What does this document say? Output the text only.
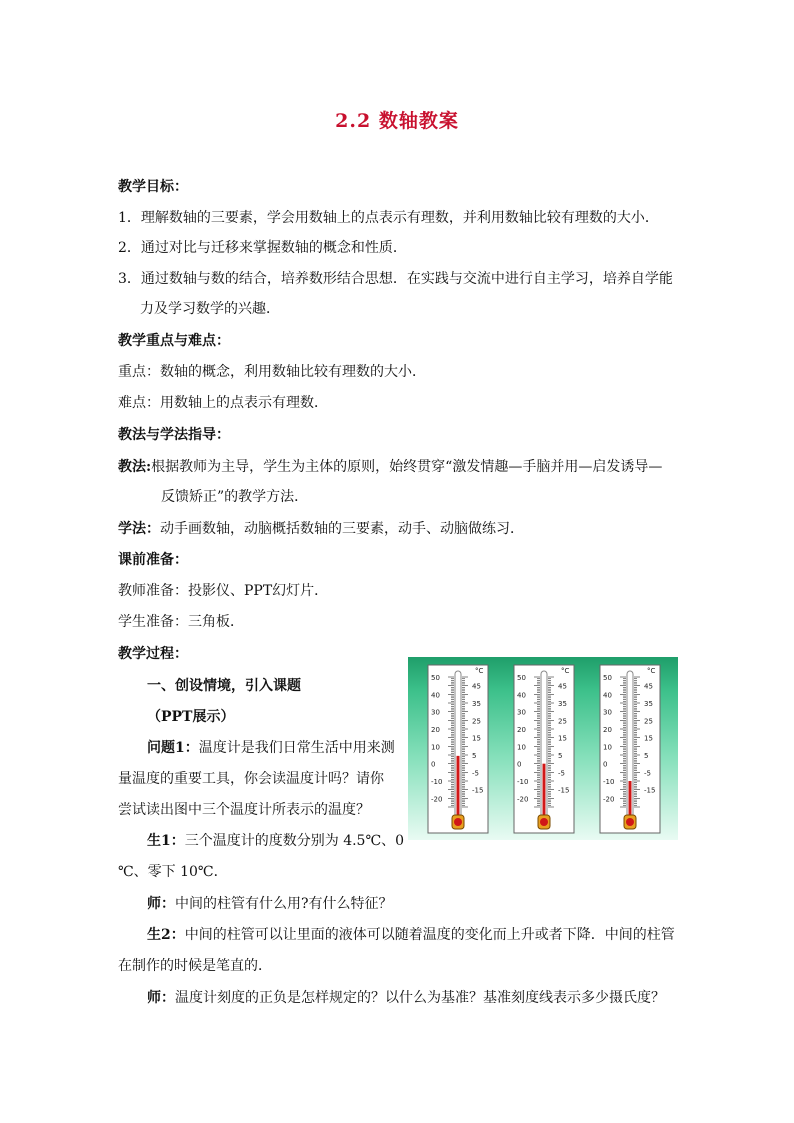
2.2 数轴教案
教学目标：
1．理解数轴的三要素，学会用数轴上的点表示有理数，并利用数轴比较有理数的大小．
2．通过对比与迁移来掌握数轴的概念和性质．
3．通过数轴与数的结合，培养数形结合思想．在实践与交流中进行自主学习，培养自学能
力及学习数学的兴趣．
教学重点与难点：
重点：数轴的概念，利用数轴比较有理数的大小．
难点：用数轴上的点表示有理数．
教法与学法指导：
教法:根据教师为主导，学生为主体的原则，始终贯穿“激发情趣—手脑并用—启发诱导—
反馈矫正”的教学方法．
学法：动手画数轴，动脑概括数轴的三要素，动手、动脑做练习．
课前准备：
教师准备：投影仪、PPT幻灯片．
学生准备：三角板．
教学过程：
一、创设情境，引入课题
（PPT展示）
问题1：温度计是我们日常生活中用来测
量温度的重要工具，你会读温度计吗？请你
尝试读出图中三个温度计所表示的温度？
生1：三个温度计的度数分别为 4.5℃、0
℃、零下 10℃．
师：中间的柱管有什么用?有什么特征？
生2：中间的柱管可以让里面的液体可以随着温度的变化而上升或者下降．中间的柱管
在制作的时候是笔直的．
师：温度计刻度的正负是怎样规定的？以什么为基准？基准刻度线表示多少摄氏度？
50
40
30
20
10
0
-10
-20
45
35
25
15
5
-5
-15
°C
50
40
30
20
10
0
-10
-20
45
35
25
15
5
-5
-15
°C
50
40
30
20
10
0
-10
-20
45
35
25
15
5
-5
-15
°C
